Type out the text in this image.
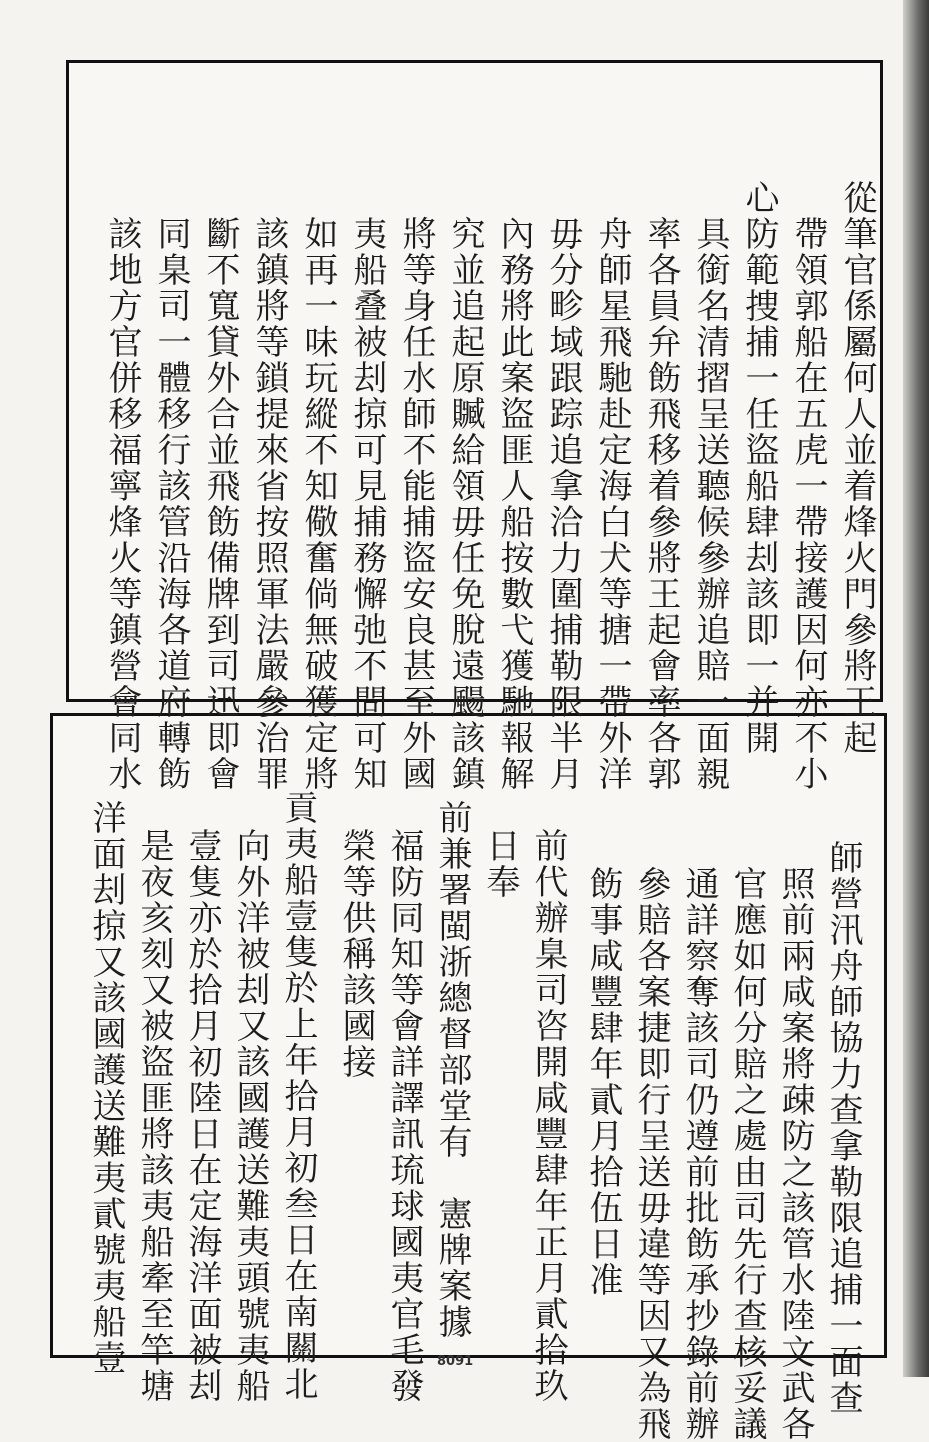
從筆官係屬何人並着烽火門參將王起
帶領郭船在五虎一帶接護因何亦不小
心防範捜捕一任盜船肆刦該即一并開
具銜名清摺呈送聽候參辦追賠一面親
率各員弁飭飛移着參將王起會率各郭
舟師星飛馳赴定海白犬等搪一帶外洋
毋分畛域跟踪追拿洽力圍捕勒限半月
內務將此案盜匪人船按數弋獲馳報解
究並追起原贓給領毋任免脫遠颺該鎮
將等身任水師不能捕盜安良甚至外國
夷船叠被刦掠可見捕務懈弛不問可知
如再一味玩縱不知儆奮倘無破獲定將
該鎮將等鎖提來省按照軍法嚴參治罪
斷不寬貸外合並飛飭備牌到司迅即會
同臬司一體移行該管沿海各道府轉飭
該地方官併移福寧烽火等鎮營會同水
師營汛舟師協力查拿勒限追捕一面查
照前兩咸案將疎防之該管水陸文武各
官應如何分賠之處由司先行查核妥議
通詳察奪該司仍遵前批飭承抄錄前辦
參賠各案捷即行呈送毋違等因又為飛
飭事咸豐肆年貳月拾伍日准
前代辦臬司咨開咸豐肆年正月貳拾玖
日奉
前兼署閩浙總督部堂有　憲牌案據
福防同知等會詳譯訊琉球國夷官毛發
榮等供稱該國接
貢夷船壹隻於上年拾月初叁日在南關北
向外洋被刦又該國護送難夷頭號夷船
壹隻亦於拾月初陸日在定海洋面被刦
是夜亥刻又被盜匪將該夷船牽至竿塘
洋面刦掠又該國護送難夷貳號夷船壹	8091
